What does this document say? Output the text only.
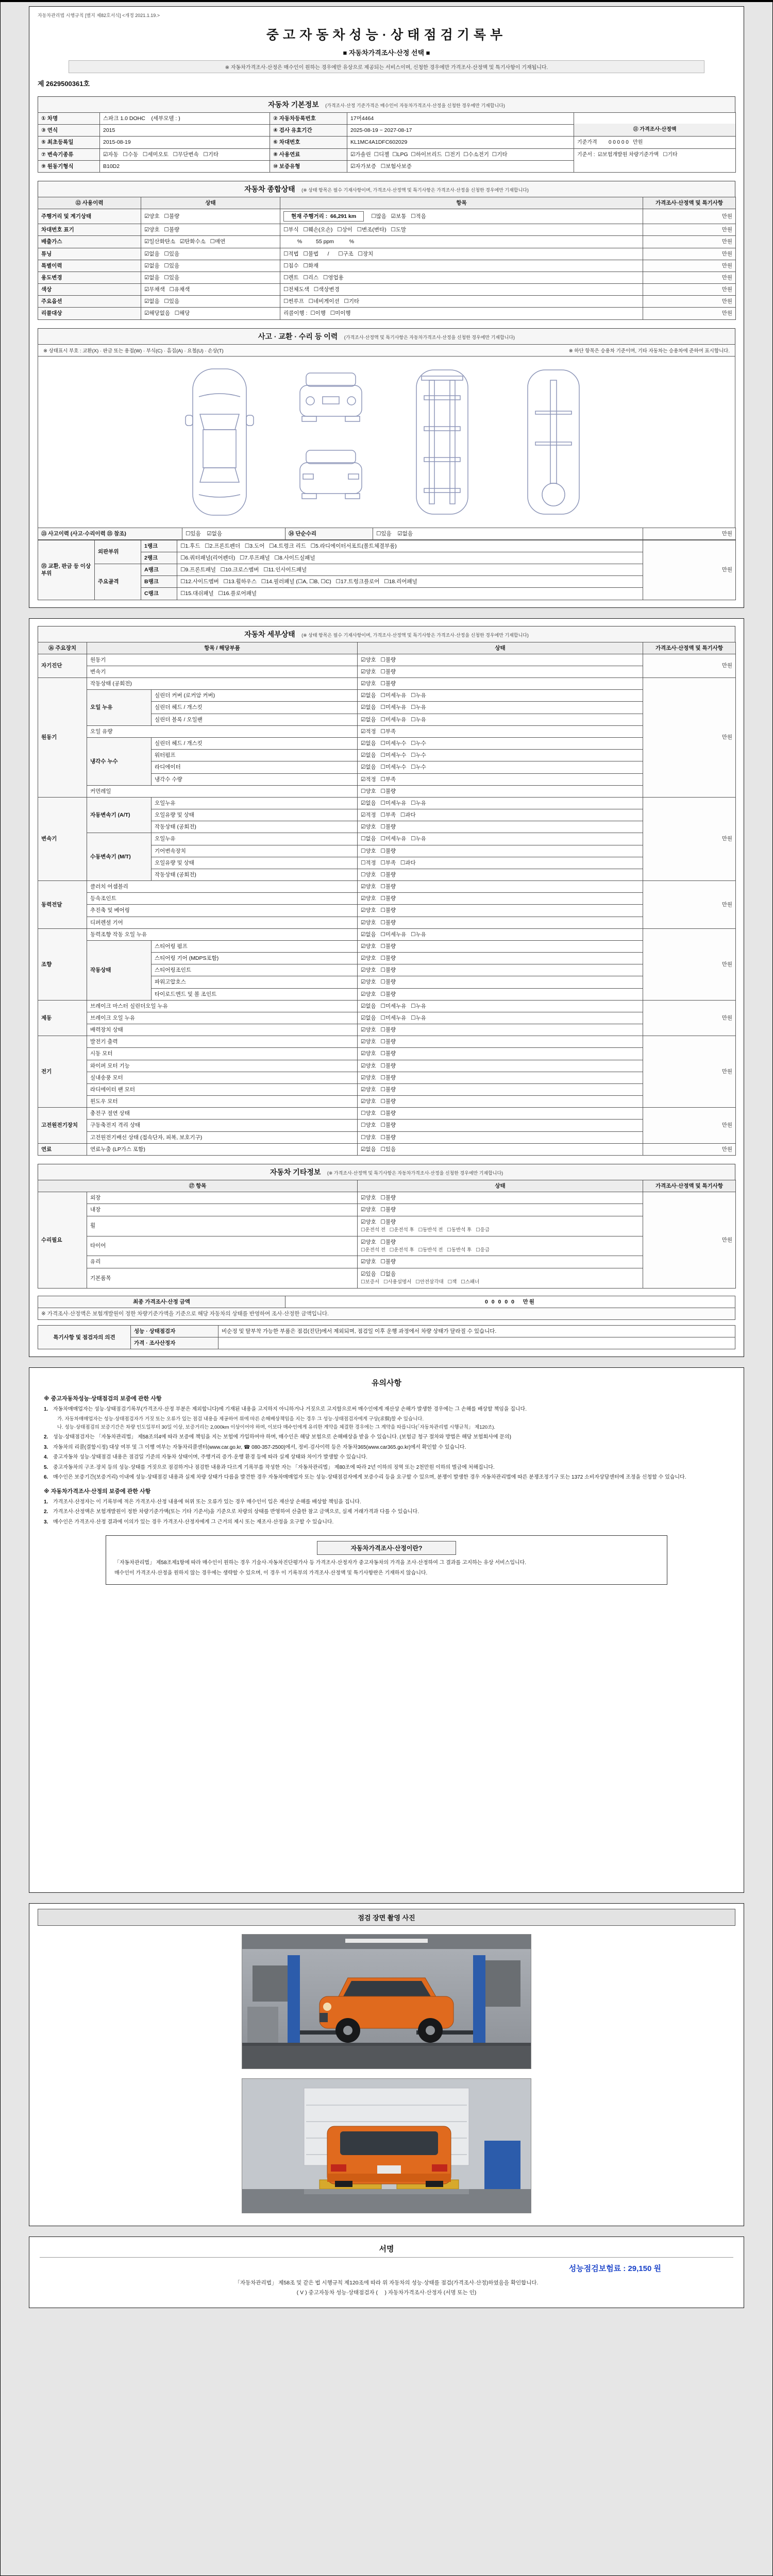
자동차관리법 시행규칙 [별지 제82호서식] <개정 2021.1.19.>
중고자동차성능·상태점검기록부
■ 자동차가격조사·산정 선택 ■
※ 자동차가격조사·산정은 매수인이 원하는 경우에만 유상으로 제공되는 서비스이며, 신청한 경우에만 가격조사·산정액 및 특기사항이 기재됩니다.
제 2629500361호
자동차 기본정보 (가격조사·산정 기준가격은 매수인이 자동차가격조사·산정을 신청한 경우에만 기재합니다)
① 차명	스파크 1.0 DOHC    (세부모델 : )	② 자동차등록번호	17머4464	⑪ 가격조사·산정액
기준가격        0 0 0 0 0   만원
기준서 :  ☑보험개발원 차량기준가액   ☐기타

③ 연식	2015	④ 검사 유효기간	2025-08-19 ~ 2027-08-17	
⑤ 최초등록일	2015-08-19	⑥ 차대번호	KL1MC4A1DFC602029	
⑦ 변속기종류	☑자동   ☐수동   ☐세미오토   ☐무단변속   ☐기타	⑧ 사용연료	☑가솔린  ☐디젤  ☐LPG  ☐하이브리드  ☐전기  ☐수소전기  ☐기타	
⑨ 원동기형식	B10D2	⑩ 보증유형	☑자가보증   ☐보험사보증	
자동차 종합상태 (※ 상태 항목은 필수 기재사항이며, 가격조사·산정액 및 특기사항은 가격조사·산정을 신청한 경우에만 기재합니다)
⑫ 사용이력	상태	항목	가격조사·산정액 및 특기사항
주행거리 및 계기상태	☑양호   ☐불량	현재 주행거리 :  66,291 km ☐많음   ☑보통   ☐적음	만원
차대번호 표기	☑양호   ☐불량	☐부식   ☐훼손(오손)   ☐상이   ☐변조(변타)   ☐도말	만원
배출가스	☑일산화탄소   ☑탄화수소   ☐매연	　　  %　　  55 ppm　　   %	만원
튜닝	☑없음   ☐있음	☐적법   ☐불법      /      ☐구조   ☐장치	만원
특별이력	☑없음   ☐있음	☐침수   ☐화재	만원
용도변경	☑없음   ☐있음	☐렌트   ☐리스   ☐영업용	만원
색상	☑무채색   ☐유채색	☐전체도색   ☐색상변경	만원
주요옵션	☑없음   ☐있음	☐썬루프   ☐네비게이션   ☐기타	만원
리콜대상	☑해당없음   ☐해당	리콜이행 :  ☐이행   ☐미이행	만원
사고 · 교환 · 수리 등 이력 (가격조사·산정액 및 특기사항은 자동차가격조사·산정을 신청한 경우에만 기재합니다)
※ 상태표시 부호 : 교환(X) · 판금 또는 용접(W) · 부식(C) · 흠집(A) · 요철(U) · 손상(T)	※ 하단 항목은 승용차 기준이며, 기타 자동차는 승용차에 준하여 표시합니다.
⑬ 사고이력 (사고·수리이력 ⑮ 참조)	☐있음    ☑없음	⑭ 단순수리	☐있음    ☑없음	만원
⑮ 교환, 판금 등 이상 부위	외판부위	1랭크	☐1.후드   ☐2.프론트펜더   ☐3.도어   ☐4.트렁크 리드   ☐5.라디에이터서포트(볼트체결부품)	만원
		2랭크	☐6.쿼터패널(리어펜더)   ☐7.루프패널   ☐8.사이드실패널	
	주요골격	A랭크	☐9.프론트패널   ☐10.크로스멤버   ☐11.인사이드패널	
		B랭크	☐12.사이드멤버   ☐13.휠하우스   ☐14.필러패널 (☐A, ☐B, ☐C)   ☐17.트렁크플로어   ☐18.리어패널	
		C랭크	☐15.대쉬패널   ☐16.플로어패널	
자동차 세부상태 (※ 상태 항목은 필수 기재사항이며, 가격조사·산정액 및 특기사항은 가격조사·산정을 신청한 경우에만 기재합니다)
⑯ 주요장치	항목 / 해당부품		상태	가격조사·산정액 및 특기사항
자기진단	원동기		☑양호   ☐불량	만원
	변속기		☑양호   ☐불량	
원동기	작동상태 (공회전)		☑양호   ☐불량	만원
	오일 누유	실린더 커버 (로커암 커버)	☑없음   ☐미세누유   ☐누유	
		실린더 헤드 / 개스킷	☑없음   ☐미세누유   ☐누유	
		실린더 블록 / 오일팬	☑없음   ☐미세누유   ☐누유	
	오일 유량		☑적정   ☐부족	
	냉각수 누수	실린더 헤드 / 개스킷	☑없음   ☐미세누수   ☐누수	
		워터펌프	☑없음   ☐미세누수   ☐누수	
		라디에이터	☑없음   ☐미세누수   ☐누수	
		냉각수 수량	☑적정   ☐부족	
	커먼레일		☐양호   ☐불량	
변속기	자동변속기 (A/T)	오일누유	☑없음   ☐미세누유   ☐누유	만원
		오일유량 및 상태	☑적정   ☐부족   ☐과다	
		작동상태 (공회전)	☑양호   ☐불량	
	수동변속기 (M/T)	오일누유	☐없음   ☐미세누유   ☐누유	
		기어변속장치	☐양호   ☐불량	
		오일유량 및 상태	☐적정   ☐부족   ☐과다	
		작동상태 (공회전)	☐양호   ☐불량	
동력전달	클러치 어셈블리		☑양호   ☐불량	만원
	등속조인트		☑양호   ☐불량	
	추진축 및 베어링		☑양호   ☐불량	
	디퍼렌셜 기어		☑양호   ☐불량	
조향	동력조향 작동 오일 누유		☑없음   ☐미세누유   ☐누유	만원
	작동상태	스티어링 펌프	☑양호   ☐불량	
		스티어링 기어 (MDPS포함)	☑양호   ☐불량	
		스티어링조인트	☑양호   ☐불량	
		파워고압호스	☑양호   ☐불량	
		타이로드엔드 및 볼 조인트	☑양호   ☐불량	
제동	브레이크 마스터 실린더오일 누유		☑없음   ☐미세누유   ☐누유	만원
	브레이크 오일 누유		☑없음   ☐미세누유   ☐누유	
	배력장치 상태		☑양호   ☐불량	
전기	발전기 출력		☑양호   ☐불량	만원
	시동 모터		☑양호   ☐불량	
	와이퍼 모터 기능		☑양호   ☐불량	
	실내송풍 모터		☑양호   ☐불량	
	라디에이터 팬 모터		☑양호   ☐불량	
	윈도우 모터		☑양호   ☐불량	
고전원전기장치	충전구 절연 상태		☐양호   ☐불량	만원
	구동축전지 격리 상태		☐양호   ☐불량	
	고전원전기배선 상태 (접속단자, 피복, 보호기구)		☐양호   ☐불량	
연료	연료누출 (LP가스 포함)		☑없음   ☐있음	만원
자동차 기타정보 (※ 가격조사·산정액 및 특기사항은 자동차가격조사·산정을 신청한 경우에만 기재합니다)
⑰ 항목		상태	가격조사·산정액 및 특기사항
수리필요	외장	☑양호   ☐불량	만원
	내장	☑양호   ☐불량	
	휠	☑양호   ☐불량
☐운전석 전   ☐운전석 후   ☐동반석 전   ☐동반석 후   ☐응급	

	타이어	☑양호   ☐불량
☐운전석 전   ☐운전석 후   ☐동반석 전   ☐동반석 후   ☐응급	

	유리	☑양호   ☐불량	
	기본품목	☑있음   ☐없음
☐보증서   ☐사용설명서   ☐안전삼각대   ☐잭   ☐스패너	
최종 가격조사·산정 금액	0 0 0 0 0   만원
※ 가격조사·산정액은 보험개발원이 정한 차량기준가액을 기준으로 해당 자동차의 상태를 반영하여 조사·산정한 금액입니다.
특기사항 및 점검자의 의견	성능 · 상태점검자	비순정 및 탈부착 가능한 부품은 점검(진단)에서 제외되며, 점검일 이후 운행 과정에서 차량 상태가 달라질 수 있습니다.
	가격 · 조사산정자	
유의사항
※ 중고자동차성능·상태점검의 보증에 관한 사항
1. 자동차매매업자는 성능·상태점검기록부(가격조사·산정 부분은 제외합니다)에 기재된 내용을 고지하지 아니하거나 거짓으로 고지함으로써 매수인에게 재산상 손해가 발생한 경우에는 그 손해를 배상할 책임을 집니다.
가. 자동차매매업자는 성능·상태점검자가 거짓 또는 오류가 있는 점검 내용을 제공하여 위에 따른 손해배상책임을 지는 경우 그 성능·상태점검자에게 구상(求償)할 수 있습니다.
나. 성능·상태점검의 보증기간은 차량 인도일부터 30일 이상, 보증거리는 2,000km 이상이어야 하며, 이보다 매수인에게 유리한 계약을 체결한 경우에는 그 계약을 따릅니다(「자동차관리법 시행규칙」 제120조).
2. 성능·상태점검자는 「자동차관리법」 제58조의4에 따라 보증에 책임을 지는 보험에 가입하여야 하며, 매수인은 해당 보험으로 손해배상을 받을 수 있습니다. (보험금 청구 절차와 방법은 해당 보험회사에 문의)
3. 자동차의 리콜(결함시정) 대상 여부 및 그 이행 여부는 자동차리콜센터(www.car.go.kr, ☎ 080-357-2500)에서, 정비·검사이력 등은 자동차365(www.car365.go.kr)에서 확인할 수 있습니다.
4. 중고자동차 성능·상태점검 내용은 점검일 기준의 자동차 상태이며, 주행거리 증가·운행 환경 등에 따라 실제 상태와 차이가 발생할 수 있습니다.
5. 중고자동차의 구조·장치 등의 성능·상태를 거짓으로 점검하거나 점검한 내용과 다르게 기록부를 작성한 자는 「자동차관리법」 제80조에 따라 2년 이하의 징역 또는 2천만원 이하의 벌금에 처해집니다.
6. 매수인은 보증기간(보증거리) 이내에 성능·상태점검 내용과 실제 차량 상태가 다름을 발견한 경우 자동차매매업자 또는 성능·상태점검자에게 보증수리 등을 요구할 수 있으며, 분쟁이 발생한 경우 자동차관리법에 따른 분쟁조정기구 또는 1372 소비자상담센터에 조정을 신청할 수 있습니다.
※ 자동차가격조사·산정의 보증에 관한 사항
1. 가격조사·산정자는 이 기록부에 적은 가격조사·산정 내용에 허위 또는 오류가 있는 경우 매수인이 입은 재산상 손해를 배상할 책임을 집니다.
2. 가격조사·산정액은 보험개발원이 정한 차량기준가액(또는 기타 기준서)을 기준으로 차량의 상태를 반영하여 산출한 참고 금액으로, 실제 거래가격과 다를 수 있습니다.
3. 매수인은 가격조사·산정 결과에 이의가 있는 경우 가격조사·산정자에게 그 근거의 제시 또는 재조사·산정을 요구할 수 있습니다.
자동차가격조사·산정이란?
「자동차관리법」 제58조제1항에 따라 매수인이 원하는 경우 기술사·자동차진단평가사 등 가격조사·산정자가 중고자동차의 가격을 조사·산정하여 그 결과를 고지하는 유상 서비스입니다.
매수인이 가격조사·산정을 원하지 않는 경우에는 생략할 수 있으며, 이 경우 이 기록부의 가격조사·산정액 및 특기사항란은 기재하지 않습니다.
점검 장면 촬영 사진
서명
성능점검보험료 : 29,150 원
「자동차관리법」 제58조 및 같은 법 시행규칙 제120조에 따라 위 자동차의 성능·상태를 점검(가격조사·산정)하였음을 확인합니다.
( V ) 중고자동차 성능·상태점검자 (　 ) 자동차가격조사·산정자 (서명 또는 인)
